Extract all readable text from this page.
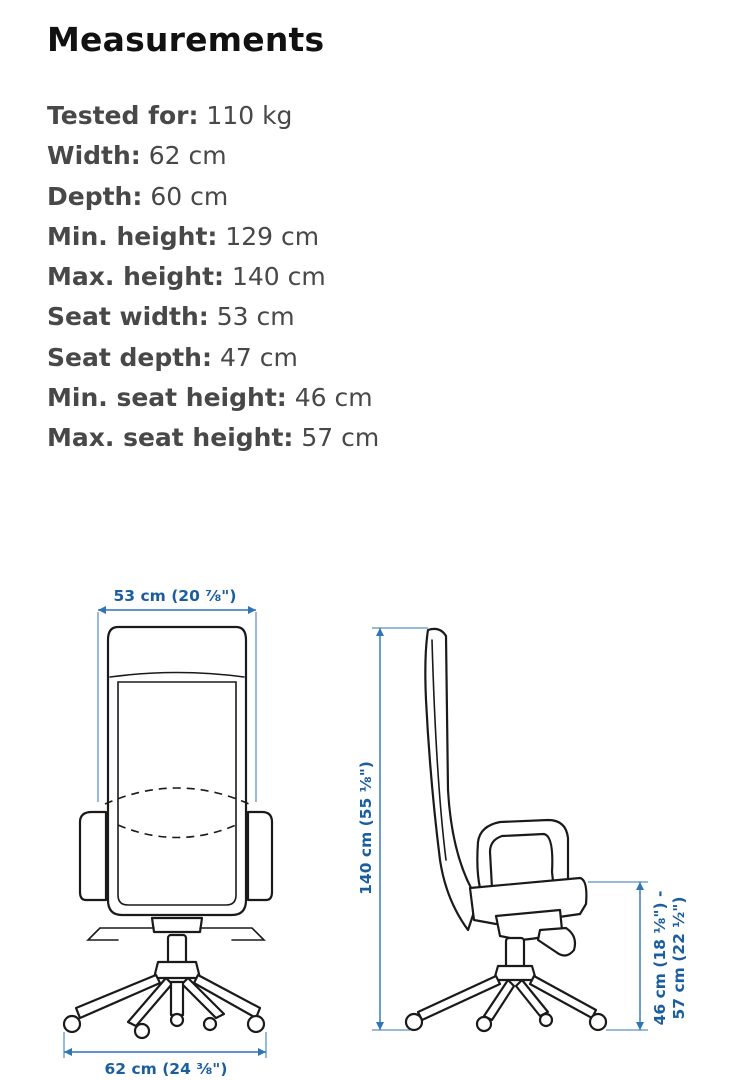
Measurements
Tested for: 110 kg
Width: 62 cm
Depth: 60 cm
Min. height: 129 cm
Max. height: 140 cm
Seat width: 53 cm
Seat depth: 47 cm
Min. seat height: 46 cm
Max. seat height: 57 cm
53 cm (20 ⅞")
62 cm (24 ⅜")
140 cm (55 ⅛")
46 cm (18 ⅛") - 57 cm (22 ½")
